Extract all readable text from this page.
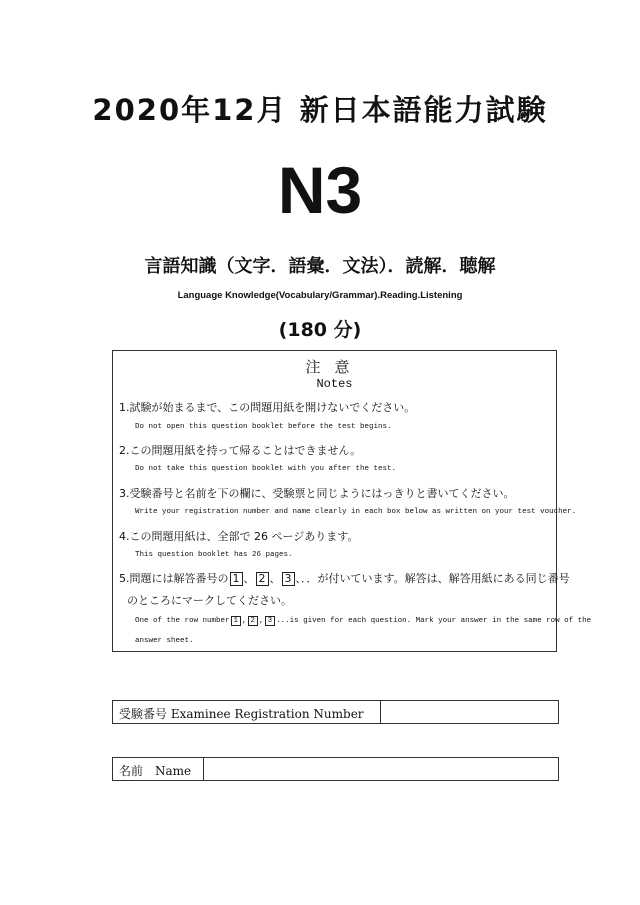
2020年12月 新日本語能力試験
N3
言語知識（文字．語彙．文法）．読解．聴解
Language Knowledge(Vocabulary/Grammar).Reading.Listening
(180 分)
注意
Notes
1.試験が始まるまで、この問題用紙を開けないでください。
Do not open this question booklet before the test begins.
2.この問題用紙を持って帰ることはできません。
Do not take this question booklet with you after the test.
3.受験番号と名前を下の欄に、受験票と同じようにはっきりと書いてください。
Write your registration number and name clearly in each box below as written on your test voucher.
4.この問題用紙は、全部で 26 ページあります。
This question booklet has 26 pages.
5.問題には解答番号の 1 、 2 、 3 、．．が付いています。解答は、解答用紙にある同じ番号
のところにマークしてください。
One of the row number 1 , 2 , 3 ...is given for each question. Mark your answer in the same row of the
answer sheet.
受験番号 Examinee Registration Number
名前　Name
